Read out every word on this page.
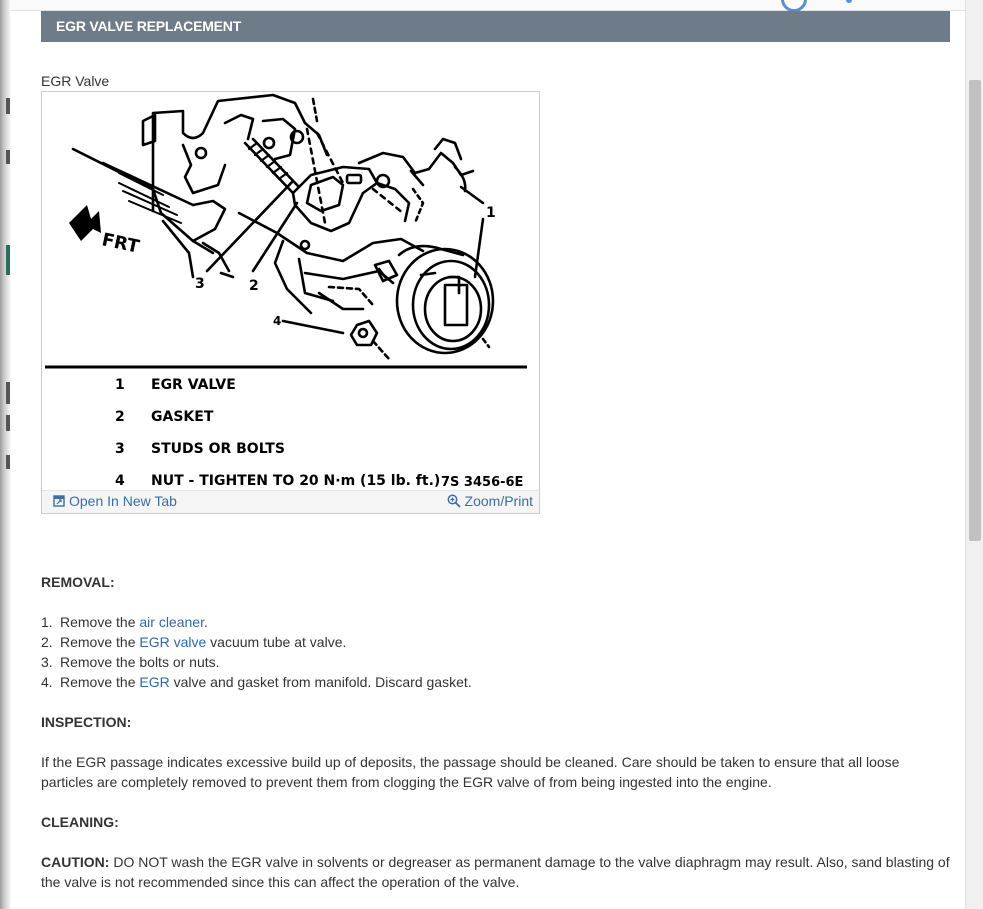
EGR VALVE REPLACEMENT
EGR Valve
FRT
1
2
3
4
1 EGR VALVE
2 GASKET
3 STUDS OR BOLTS
4 NUT - TIGHTEN TO 20 N·m (15 lb. ft.) 7S 3456-6E
Open In New Tab	Zoom/Print
REMOVAL:
1. Remove the air cleaner.
2. Remove the EGR valve vacuum tube at valve.
3. Remove the bolts or nuts.
4. Remove the EGR valve and gasket from manifold. Discard gasket.
INSPECTION:
If the EGR passage indicates excessive build up of deposits, the passage should be cleaned. Care should be taken to ensure that all loose particles are completely removed to prevent them from clogging the EGR valve of from being ingested into the engine.
CLEANING:
CAUTION: DO NOT wash the EGR valve in solvents or degreaser as permanent damage to the valve diaphragm may result. Also, sand blasting of the valve is not recommended since this can affect the operation of the valve.
